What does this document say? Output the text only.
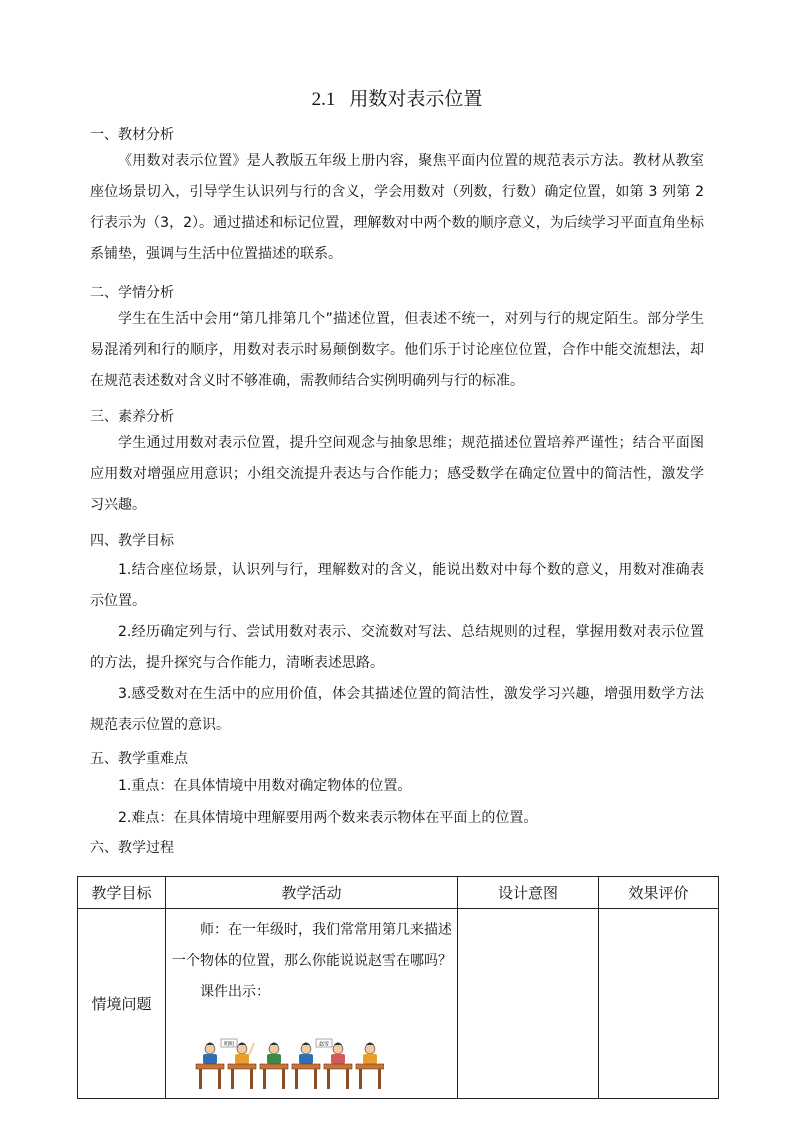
2.1 用数对表示位置
一、教材分析
《用数对表示位置》是人教版五年级上册内容，聚焦平面内位置的规范表示方法。教材从教室座位场景切入，引导学生认识列与行的含义，学会用数对（列数，行数）确定位置，如第 3 列第 2 行表示为（3，2）。通过描述和标记位置，理解数对中两个数的顺序意义，为后续学习平面直角坐标系铺垫，强调与生活中位置描述的联系。
二、学情分析
学生在生活中会用“第几排第几个”描述位置，但表述不统一，对列与行的规定陌生。部分学生易混淆列和行的顺序，用数对表示时易颠倒数字。他们乐于讨论座位位置，合作中能交流想法，却在规范表述数对含义时不够准确，需教师结合实例明确列与行的标准。
三、素养分析
学生通过用数对表示位置，提升空间观念与抽象思维；规范描述位置培养严谨性；结合平面图应用数对增强应用意识；小组交流提升表达与合作能力；感受数学在确定位置中的简洁性，激发学习兴趣。
四、教学目标
1.结合座位场景，认识列与行，理解数对的含义，能说出数对中每个数的意义，用数对准确表示位置。
2.经历确定列与行、尝试用数对表示、交流数对写法、总结规则的过程，掌握用数对表示位置的方法，提升探究与合作能力，清晰表述思路。
3.感受数对在生活中的应用价值，体会其描述位置的简洁性，激发学习兴趣，增强用数学方法规范表示位置的意识。
五、教学重难点
1.重点：在具体情境中用数对确定物体的位置。
2.难点：在具体情境中理解要用两个数来表示物体在平面上的位置。
六、教学过程
教学目标	教学活动	设计意图	效果评价
情境问题	师：在一年级时，我们常常用第几来描述
一个物体的位置，那么你能说说赵雪在哪吗？
课件出示：
明明 赵雪		
